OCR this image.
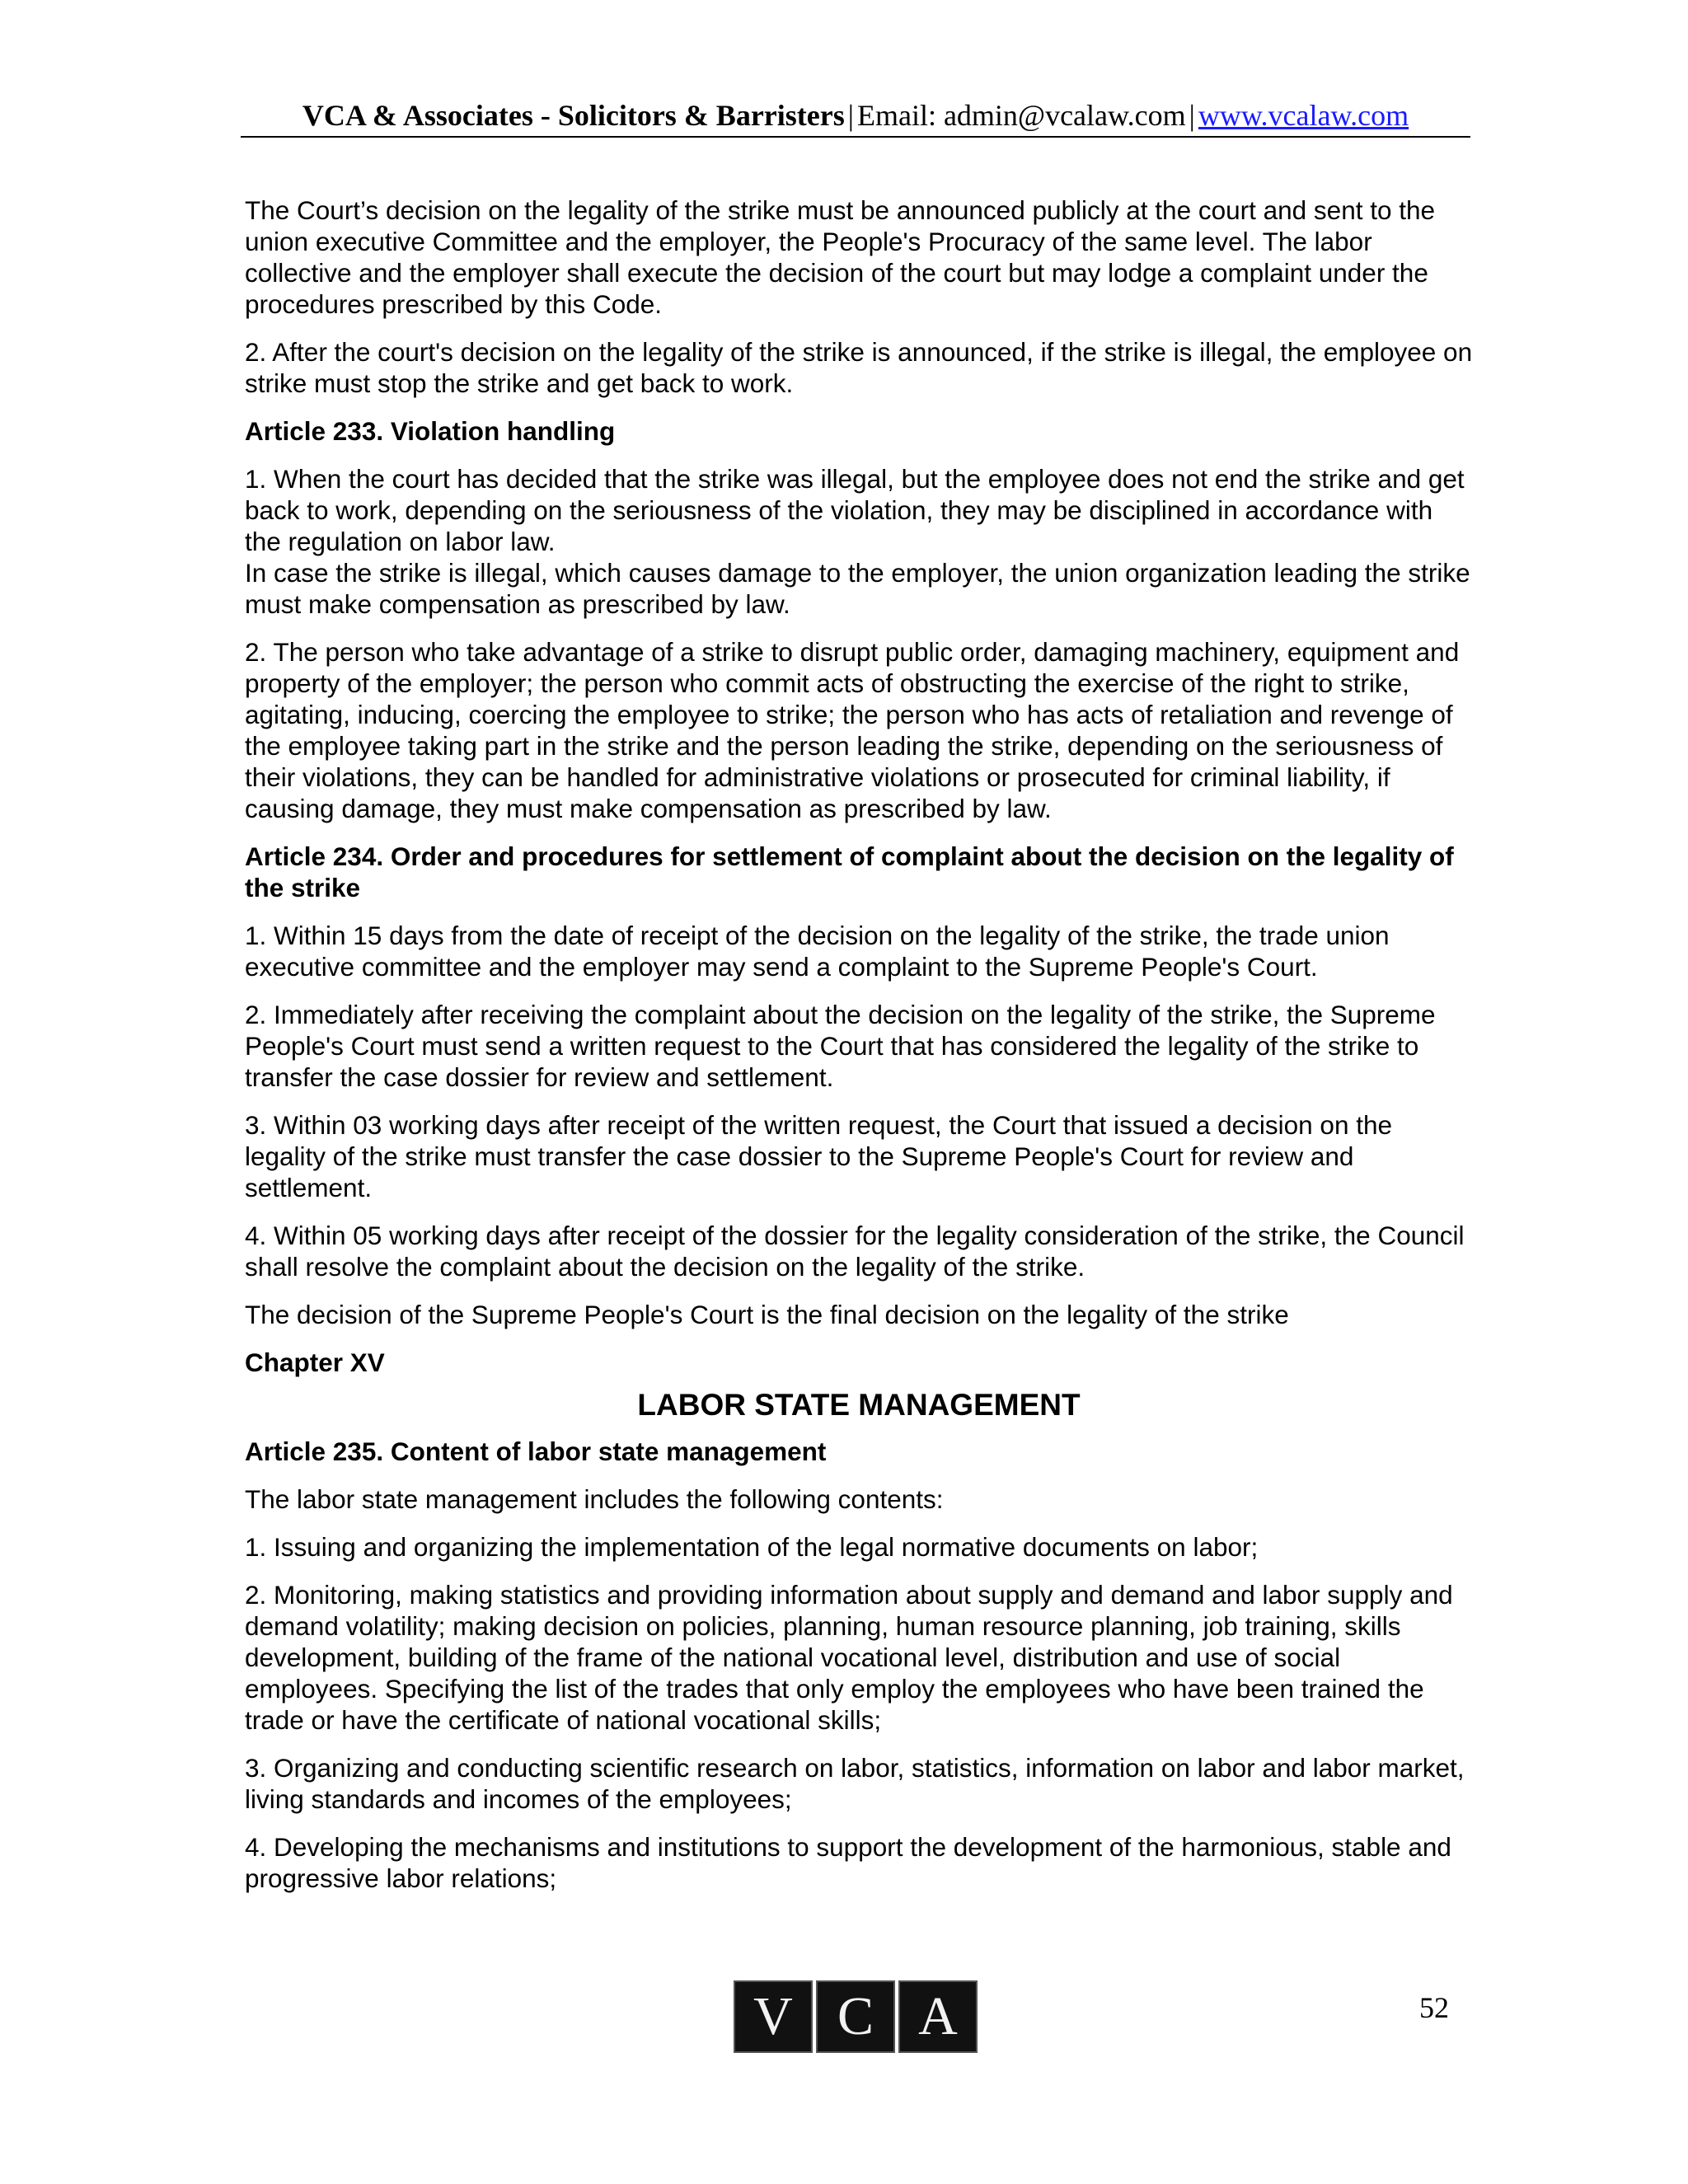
VCA & Associates - Solicitors & Barristers | Email: admin@vcalaw.com | www.vcalaw.com
The Court’s decision on the legality of the strike must be announced publicly at the court and sent to the union executive Committee and the employer, the People's Procuracy of the same level. The labor collective and the employer shall execute the decision of the court but may lodge a complaint under the procedures prescribed by this Code.
2. After the court's decision on the legality of the strike is announced, if the strike is illegal, the employee on strike must stop the strike and get back to work.
Article 233. Violation handling
1. When the court has decided that the strike was illegal, but the employee does not end the strike and get back to work, depending on the seriousness of the violation, they may be disciplined in accordance with the regulation on labor law.
In case the strike is illegal, which causes damage to the employer, the union organization leading the strike must make compensation as prescribed by law.
2. The person who take advantage of a strike to disrupt public order, damaging machinery, equipment and property of the employer; the person who commit acts of obstructing the exercise of the right to strike, agitating, inducing, coercing the employee to strike; the person who has acts of retaliation and revenge of the employee taking part in the strike and the person leading the strike, depending on the seriousness of their violations, they can be handled for administrative violations or prosecuted for criminal liability, if causing damage, they must make compensation as prescribed by law.
Article 234. Order and procedures for settlement of complaint about the decision on the legality of the strike
1. Within 15 days from the date of receipt of the decision on the legality of the strike, the trade union executive committee and the employer may send a complaint to the Supreme People's Court.
2. Immediately after receiving the complaint about the decision on the legality of the strike, the Supreme People's Court must send a written request to the Court that has considered the legality of the strike to transfer the case dossier for review and settlement.
3. Within 03 working days after receipt of the written request, the Court that issued a decision on the legality of the strike must transfer the case dossier to the Supreme People's Court for review and settlement.
4. Within 05 working days after receipt of the dossier for the legality consideration of the strike, the Council shall resolve the complaint about the decision on the legality of the strike.
The decision of the Supreme People's Court is the final decision on the legality of the strike
Chapter XV
LABOR STATE MANAGEMENT
Article 235. Content of labor state management
The labor state management includes the following contents:
1. Issuing and organizing the implementation of the legal normative documents on labor;
2. Monitoring, making statistics and providing information about supply and demand and labor supply and demand volatility; making decision on policies, planning, human resource planning, job training, skills development, building of the frame of the national vocational level, distribution and use of social employees. Specifying the list of the trades that only employ the employees who have been trained the trade or have the certificate of national vocational skills;
3. Organizing and conducting scientific research on labor, statistics, information on labor and labor market, living standards and incomes of the employees;
4. Developing the mechanisms and institutions to support the development of the harmonious, stable and progressive labor relations;
V C A	52
